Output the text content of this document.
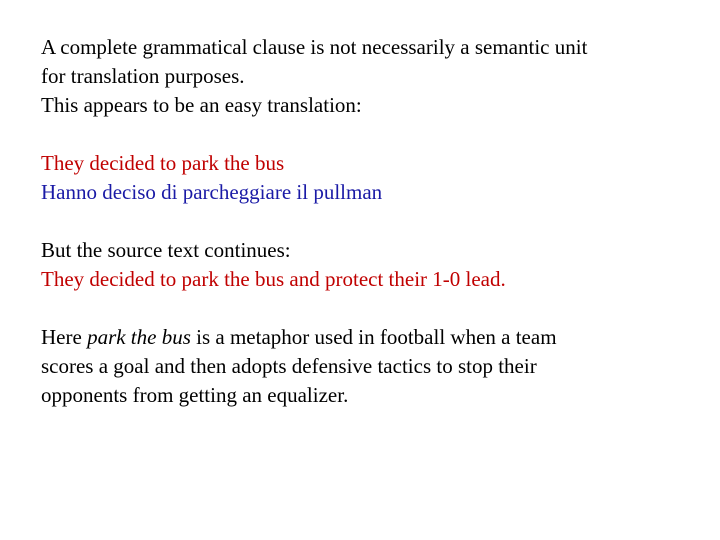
A complete grammatical clause is not necessarily a semantic unit
for translation purposes.
This appears to be an easy translation:
They decided to park the bus
Hanno deciso di parcheggiare il pullman
But the source text continues:
They decided to park the bus and protect their 1-0 lead.
Here park the bus is a metaphor used in football when a team
scores a goal and then adopts defensive tactics to stop their
opponents from getting an equalizer.
